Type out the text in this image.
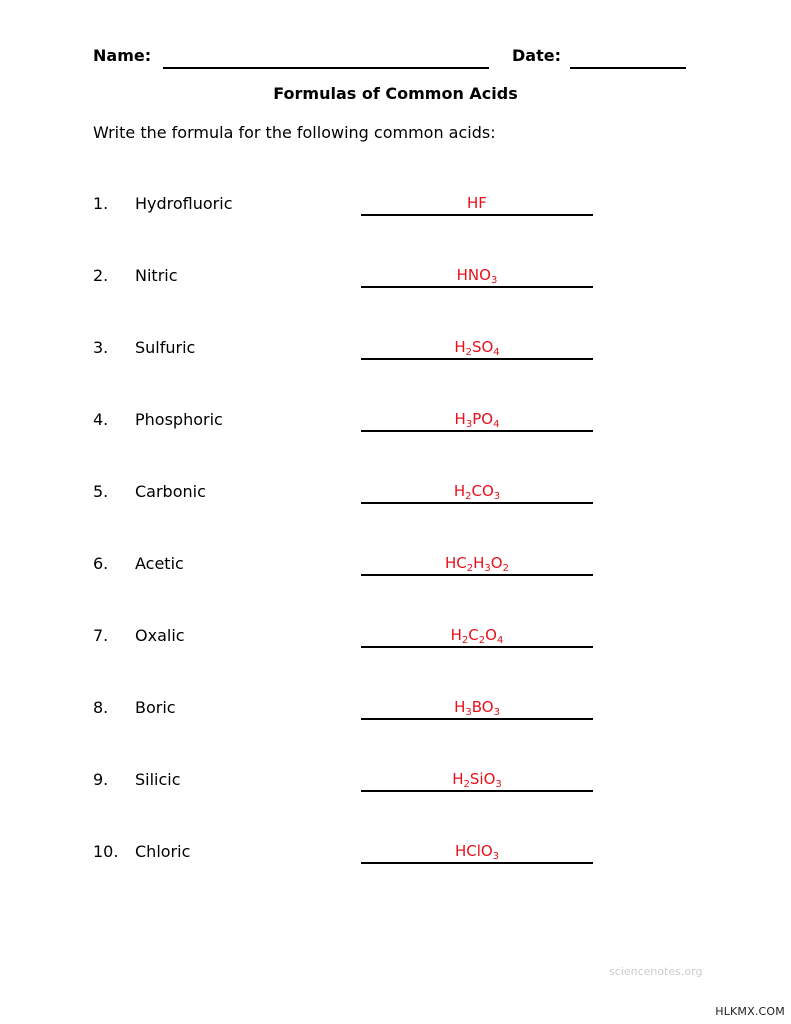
Name:	Date:
Formulas of Common Acids
Write the formula for the following common acids:
1. Hydrofluoric	HF
2. Nitric	$HNO_3$
3. Sulfuric	$H_2SO_4$
4. Phosphoric	$H_3PO_4$
5. Carbonic	$H_2CO_3$
6. Acetic	$HC_2H_3O_2$
7. Oxalic	$H_2C_2O_4$
8. Boric	$H_3BO_3$
9. Silicic	$H_2SiO_3$
10. Chloric	HClO$_3$
sciencenotes.org
HLKMX.COM
